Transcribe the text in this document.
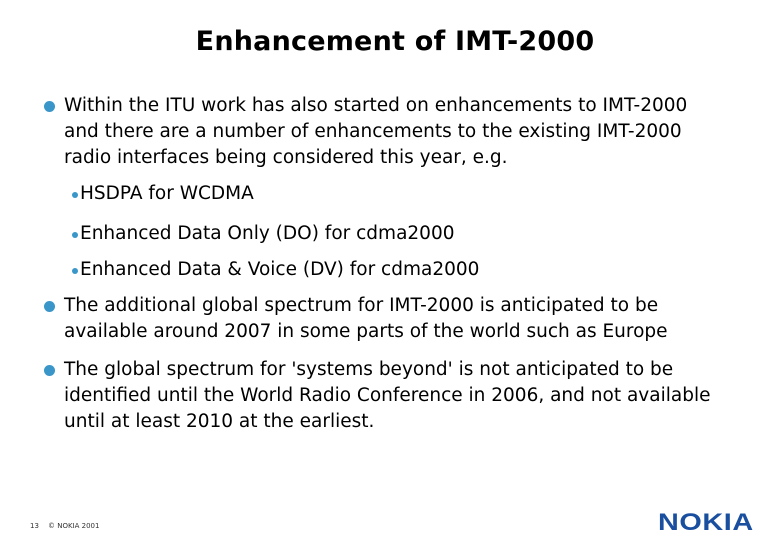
Enhancement of IMT-2000
Within the ITU work has also started on enhancements to IMT-2000
and there are a number of enhancements to the existing IMT-2000
radio interfaces being considered this year, e.g.
HSDPA for WCDMA
Enhanced Data Only (DO) for cdma2000
Enhanced Data & Voice (DV) for cdma2000
The additional global spectrum for IMT-2000 is anticipated to be
available around 2007 in some parts of the world such as Europe
The global spectrum for 'systems beyond' is not anticipated to be
identified until the World Radio Conference in 2006, and not available
until at least 2010 at the earliest.
13 © NOKIA 2001	NOKIA
